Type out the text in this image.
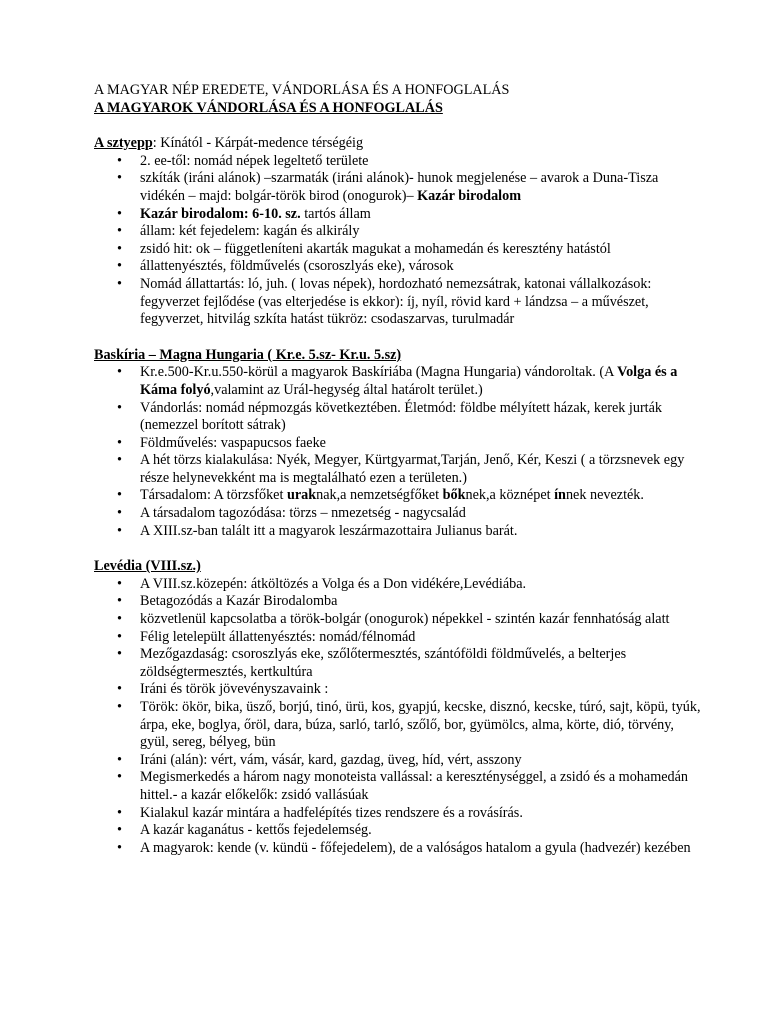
A MAGYAR NÉP EREDETE, VÁNDORLÁSA ÉS A HONFOGLALÁS
A MAGYAROK VÁNDORLÁSA ÉS A HONFOGLALÁS
A sztyepp: Kínától - Kárpát-medence térségéig
• 2. ee-től: nomád népek legeltető területe
• szkíták (iráni alánok) –szarmaták (iráni alánok)- hunok megjelenése – avarok a Duna-Tisza vidékén – majd: bolgár-török birod (onogurok)– Kazár birodalom
• Kazár birodalom: 6-10. sz. tartós állam
• állam: két fejedelem: kagán és alkirály
• zsidó hit: ok – függetleníteni akarták magukat a mohamedán és keresztény hatástól
• állattenyésztés, földművelés (csoroszlyás eke), városok
• Nomád állattartás: ló, juh. ( lovas népek), hordozható nemezsátrak, katonai vállalkozások: fegyverzet fejlődése (vas elterjedése is ekkor): íj, nyíl, rövid kard + lándzsa – a művészet, fegyverzet, hitvilág szkíta hatást tükröz: csodaszarvas, turulmadár
Baskíria – Magna Hungaria ( Kr.e. 5.sz- Kr.u. 5.sz)
• Kr.e.500-Kr.u.550-körül a magyarok Baskíriába (Magna Hungaria) vándoroltak. (A Volga és a Káma folyó,valamint az Urál-hegység által határolt terület.)
• Vándorlás: nomád népmozgás következtében. Életmód: földbe mélyített házak, kerek jurták (nemezzel borított sátrak)
• Földművelés: vaspapucsos faeke
• A hét törzs kialakulása: Nyék, Megyer, Kürtgyarmat,Tarján, Jenő, Kér, Keszi ( a törzsnevek egy része helynevekként ma is megtalálható ezen a területen.)
• Társadalom: A törzsfőket uraknak,a nemzetségfőket bőknek,a köznépet ínnek nevezték.
• A társadalom tagozódása: törzs – nmezetség - nagycsalád
• A XIII.sz-ban talált itt a magyarok leszármazottaira Julianus barát.
Levédia (VIII.sz.)
• A VIII.sz.közepén: átköltözés a Volga és a Don vidékére,Levédiába.
• Betagozódás a Kazár Birodalomba
• közvetlenül kapcsolatba a török-bolgár (onogurok) népekkel - szintén kazár fennhatóság alatt
• Félig letelepült állattenyésztés: nomád/félnomád
• Mezőgazdaság: csoroszlyás eke, szőlőtermesztés, szántóföldi földművelés, a belterjes zöldségtermesztés, kertkultúra
• Iráni és török jövevényszavaink :
• Török: ökör, bika, üsző, borjú, tinó, ürü, kos, gyapjú, kecske, disznó, kecske, túró, sajt, köpü, tyúk, árpa, eke, boglya, őröl, dara, búza, sarló, tarló, szőlő, bor, gyümölcs, alma, körte, dió, törvény, gyül, sereg, bélyeg, bün
• Iráni (alán): vért, vám, vásár, kard, gazdag, üveg, híd, vért, asszony
• Megismerkedés a három nagy monoteista vallással: a kereszténységgel, a zsidó és a mohamedán hittel.- a kazár előkelők: zsidó vallásúak
• Kialakul kazár mintára a hadfelépítés tizes rendszere és a rovásírás.
• A kazár kaganátus - kettős fejedelemség.
• A magyarok: kende (v. kündü - főfejedelem), de a valóságos hatalom a gyula (hadvezér) kezében
